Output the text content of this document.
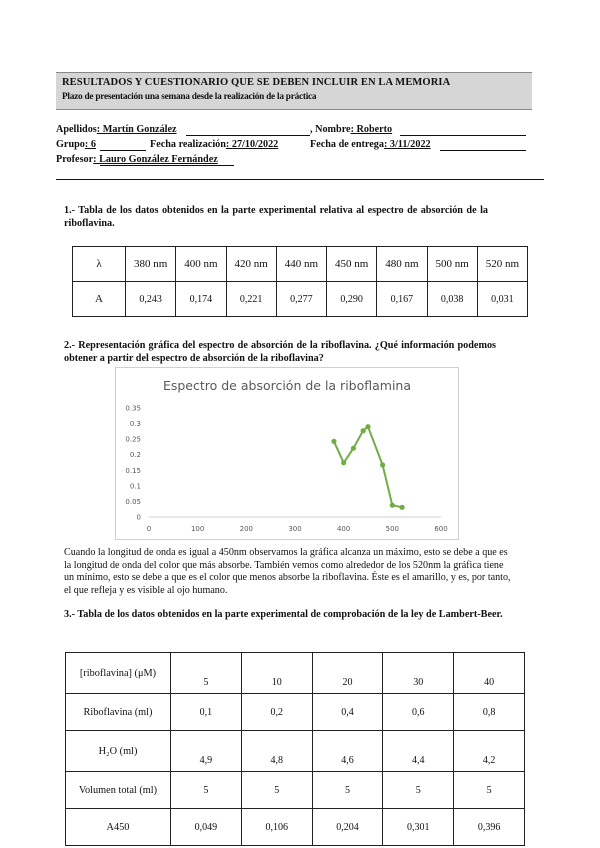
RESULTADOS Y CUESTIONARIO QUE SE DEBEN INCLUIR EN LA MEMORIA
Plazo de presentación una semana desde la realización de la práctica
Apellidos: Martín González	, Nombre: Roberto
Grupo: 6	Fecha realización: 27/10/2022	Fecha de entrega: 3/11/2022
Profesor: Lauro González Fernández
1.- Tabla de los datos obtenidos en la parte experimental relativa al espectro de absorción de la riboflavina.
λ	380 nm	400 nm	420 nm	440 nm	450 nm	480 nm	500 nm	520 nm
A	0,243	0,174	0,221	0,277	0,290	0,167	0,038	0,031
2.- Representación gráfica del espectro de absorción de la riboflavina. ¿Qué información podemos obtener a partir del espectro de absorción de la riboflavina?
Espectro de absorción de la riboflamina
0
0.05
0.1
0.15
0.2
0.25
0.3
0.35
0	100	200	300	400	500	600
Cuando la longitud de onda es igual a 450nm observamos la gráfica alcanza un máximo, esto se debe a que es la longitud de onda del color que más absorbe. También vemos como alrededor de los 520nm la gráfica tiene un mínimo, esto se debe a que es el color que menos absorbe la riboflavina. Éste es el amarillo, y es, por tanto, el que refleja y es visible al ojo humano.
3.- Tabla de los datos obtenidos en la parte experimental de comprobación de la ley de Lambert-Beer.
[riboflavina] (μM)	5	10	20	30	40
Riboflavina (ml)	0,1	0,2	0,4	0,6	0,8
H₂O (ml)	4,9	4,8	4,6	4,4	4,2
Volumen total (ml)	5	5	5	5	5
A450	0,049	0,106	0,204	0,301	0,396
